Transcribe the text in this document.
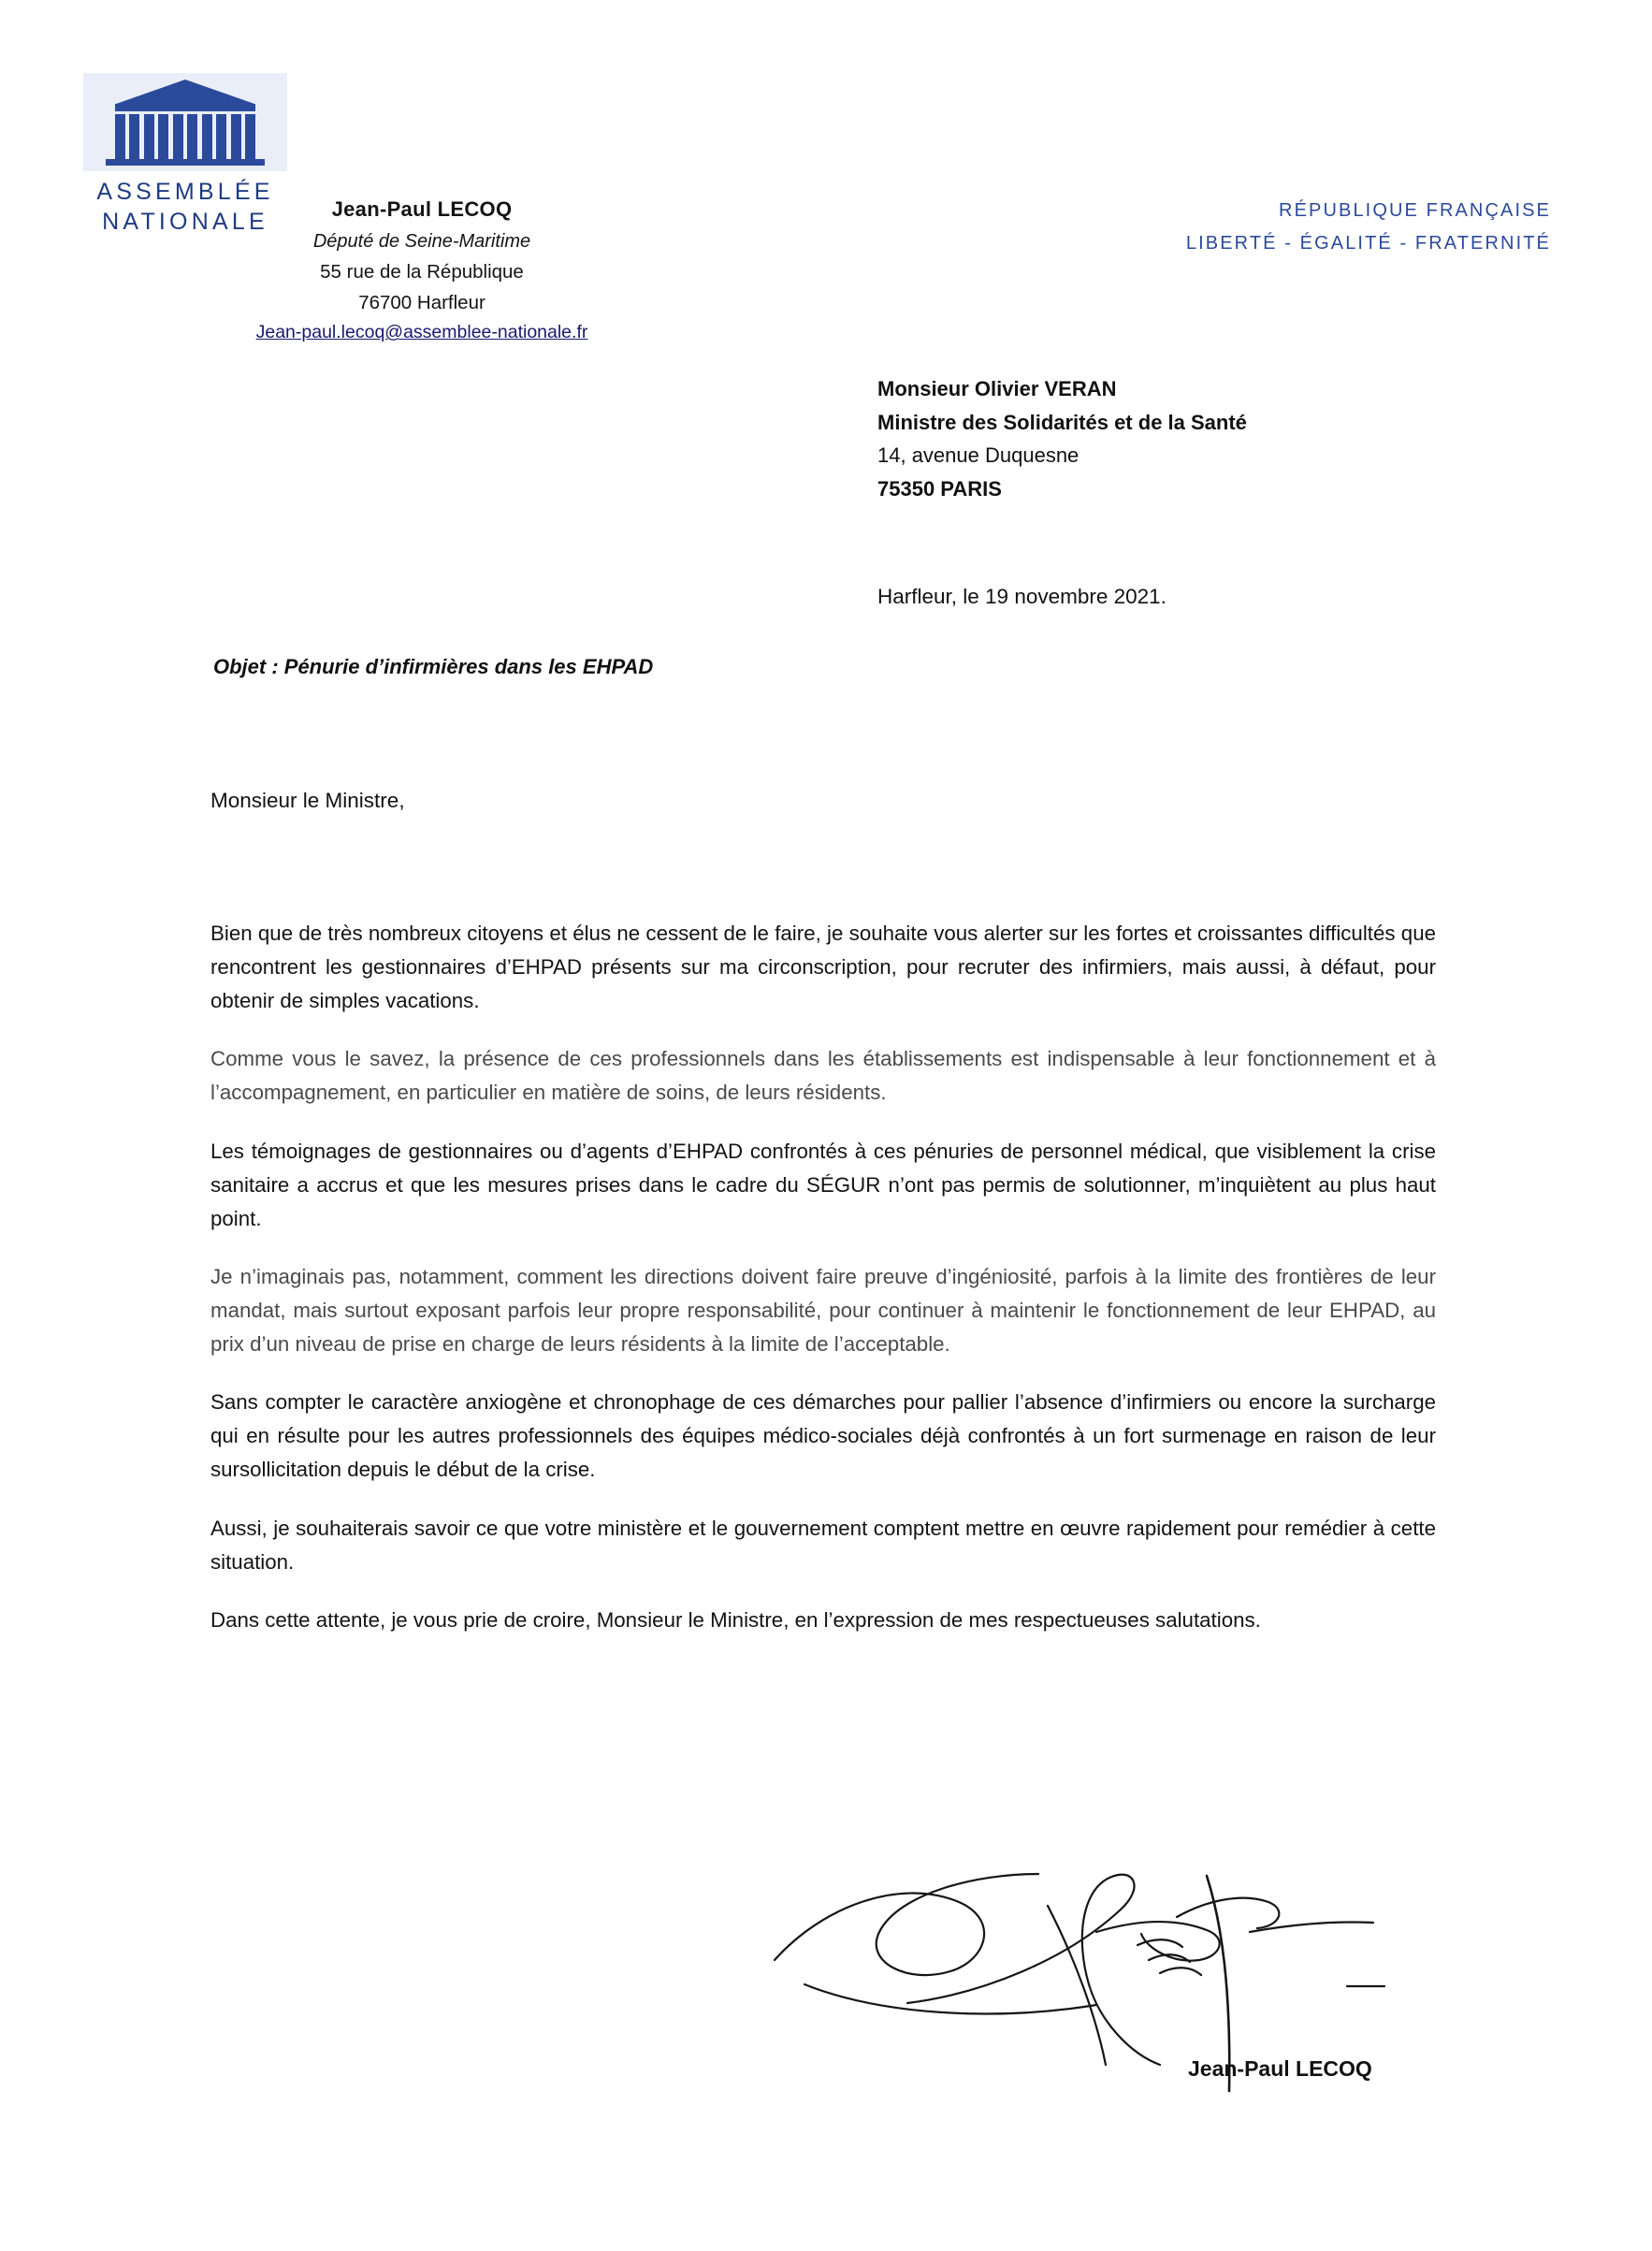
ASSEMBLÉE
NATIONALE	Jean-Paul LECOQ
Député de Seine-Maritime
55 rue de la République
76700 Harfleur
Jean-paul.lecoq@assemblee-nationale.fr
RÉPUBLIQUE FRANÇAISE
LIBERTÉ - ÉGALITÉ - FRATERNITÉ
Monsieur Olivier VERAN
Ministre des Solidarités et de la Santé
14, avenue Duquesne
75350 PARIS
Harfleur, le 19 novembre 2021.
Objet : Pénurie d’infirmières dans les EHPAD
Monsieur le Ministre,

Bien que de très nombreux citoyens et élus ne cessent de le faire, je souhaite vous alerter sur les fortes et croissantes difficultés que rencontrent les gestionnaires d’EHPAD présents sur ma circonscription, pour recruter des infirmiers, mais aussi, à défaut, pour obtenir de simples vacations.

Comme vous le savez, la présence de ces professionnels dans les établissements est indispensable à leur fonctionnement et à l’accompagnement, en particulier en matière de soins, de leurs résidents.

Les témoignages de gestionnaires ou d’agents d’EHPAD confrontés à ces pénuries de personnel médical, que visiblement la crise sanitaire a accrus et que les mesures prises dans le cadre du SÉGUR n’ont pas permis de solutionner, m’inquiètent au plus haut point.

Je n’imaginais pas, notamment, comment les directions doivent faire preuve d’ingéniosité, parfois à la limite des frontières de leur mandat, mais surtout exposant parfois leur propre responsabilité, pour continuer à maintenir le fonctionnement de leur EHPAD, au prix d’un niveau de prise en charge de leurs résidents à la limite de l’acceptable.

Sans compter le caractère anxiogène et chronophage de ces démarches pour pallier l’absence d’infirmiers ou encore la surcharge qui en résulte pour les autres professionnels des équipes médico-sociales déjà confrontés à un fort surmenage en raison de leur sursollicitation depuis le début de la crise.

Aussi, je souhaiterais savoir ce que votre ministère et le gouvernement comptent mettre en œuvre rapidement pour remédier à cette situation.

Dans cette attente, je vous prie de croire, Monsieur le Ministre, en l’expression de mes respectueuses salutations.

Jean-Paul LECOQ
